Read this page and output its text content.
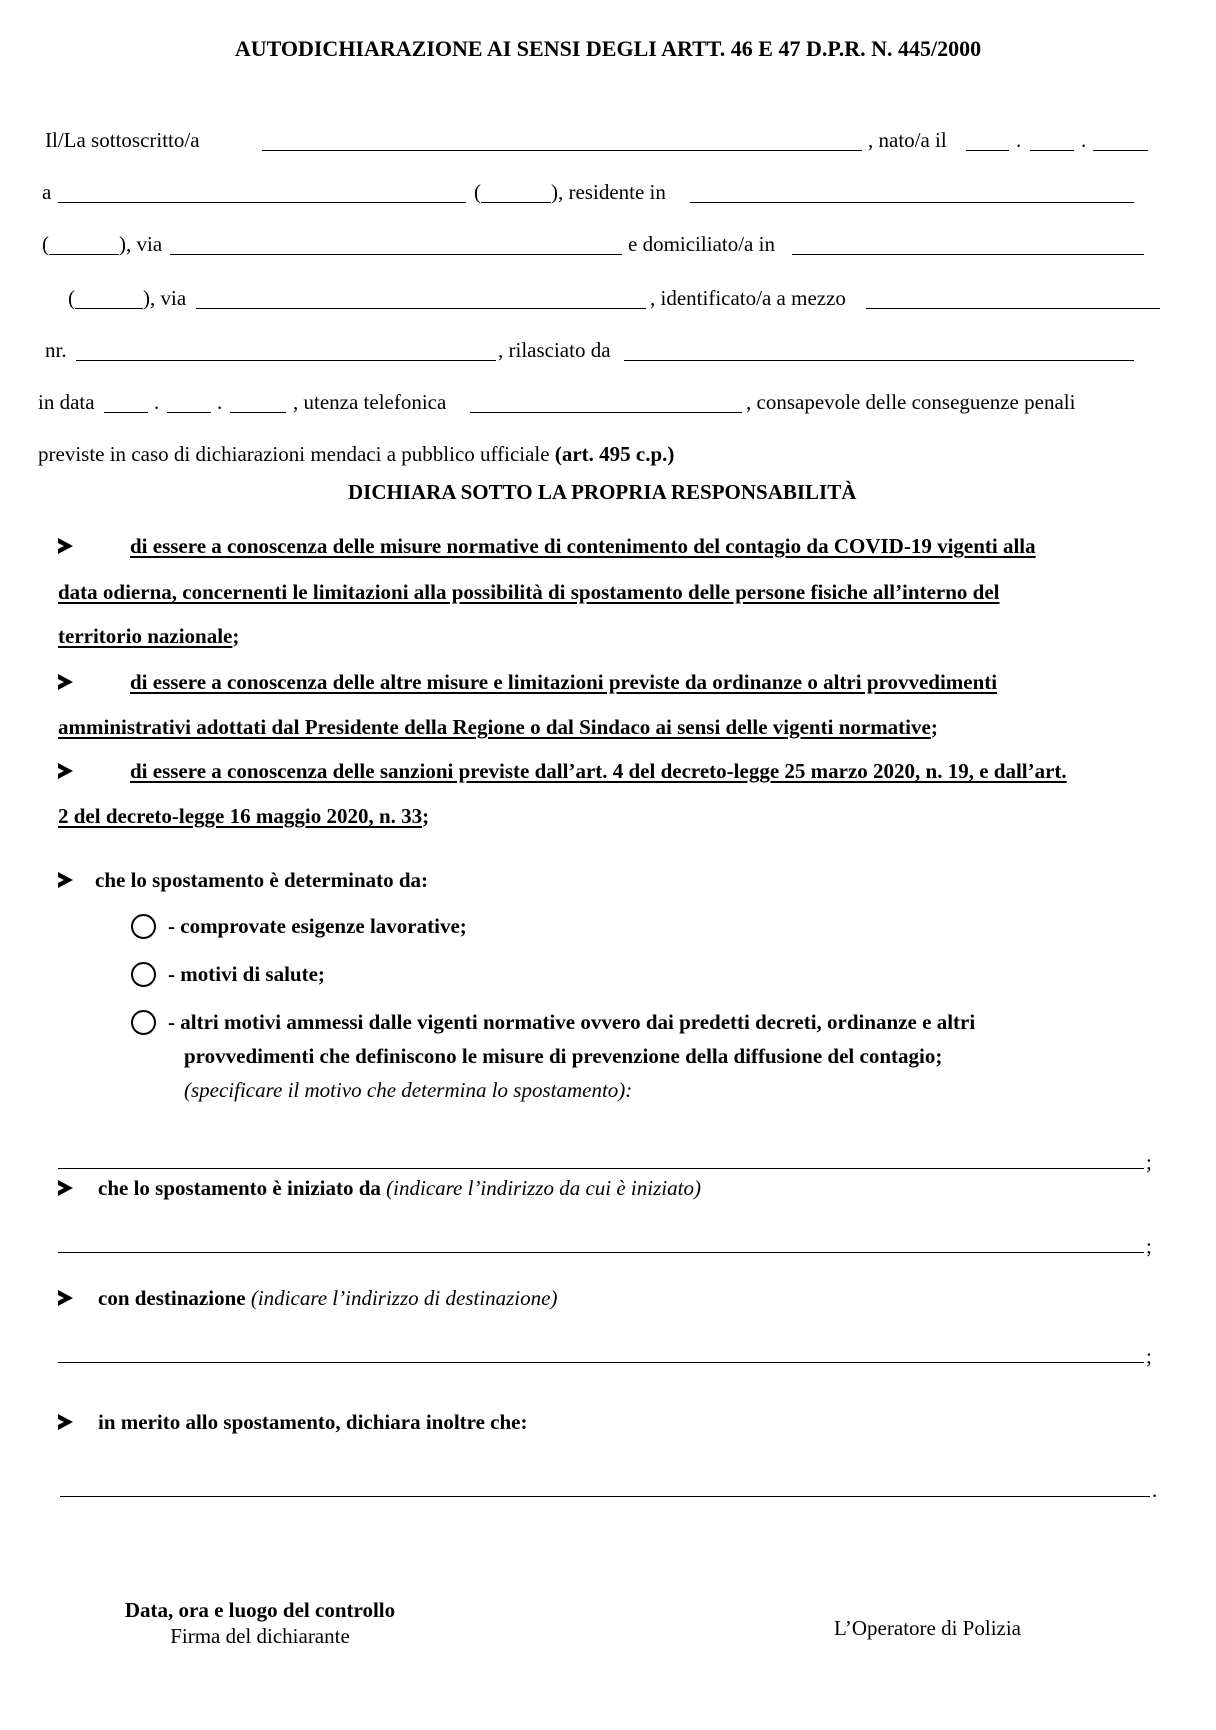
AUTODICHIARAZIONE AI SENSI DEGLI ARTT. 46 E 47 D.P.R. N. 445/2000
Il/La sottoscritto/a	, nato/a il	.	.
a	(	), residente in
(	), via	e domiciliato/a in
(	), via	, identificato/a a mezzo
nr.	, rilasciato da
in data	.	.	, utenza telefonica	, consapevole delle conseguenze penali
previste in caso di dichiarazioni mendaci a pubblico ufficiale (art. 495 c.p.)
DICHIARA SOTTO LA PROPRIA RESPONSABILITÀ
di essere a conoscenza delle misure normative di contenimento del contagio da COVID-19 vigenti alla
data odierna, concernenti le limitazioni alla possibilità di spostamento delle persone fisiche all’interno del
territorio nazionale;
di essere a conoscenza delle altre misure e limitazioni previste da ordinanze o altri provvedimenti
amministrativi adottati dal Presidente della Regione o dal Sindaco ai sensi delle vigenti normative;
di essere a conoscenza delle sanzioni previste dall’art. 4 del decreto-legge 25 marzo 2020, n. 19, e dall’art.
2 del decreto-legge 16 maggio 2020, n. 33;
che lo spostamento è determinato da:
- comprovate esigenze lavorative;
- motivi di salute;
- altri motivi ammessi dalle vigenti normative ovvero dai predetti decreti, ordinanze e altri
provvedimenti che definiscono le misure di prevenzione della diffusione del contagio;
(specificare il motivo che determina lo spostamento):
;
che lo spostamento è iniziato da (indicare l’indirizzo da cui è iniziato)
;
con destinazione (indicare l’indirizzo di destinazione)
;
in merito allo spostamento, dichiara inoltre che:
.
Data, ora e luogo del controllo
Firma del dichiarante	L’Operatore di Polizia
